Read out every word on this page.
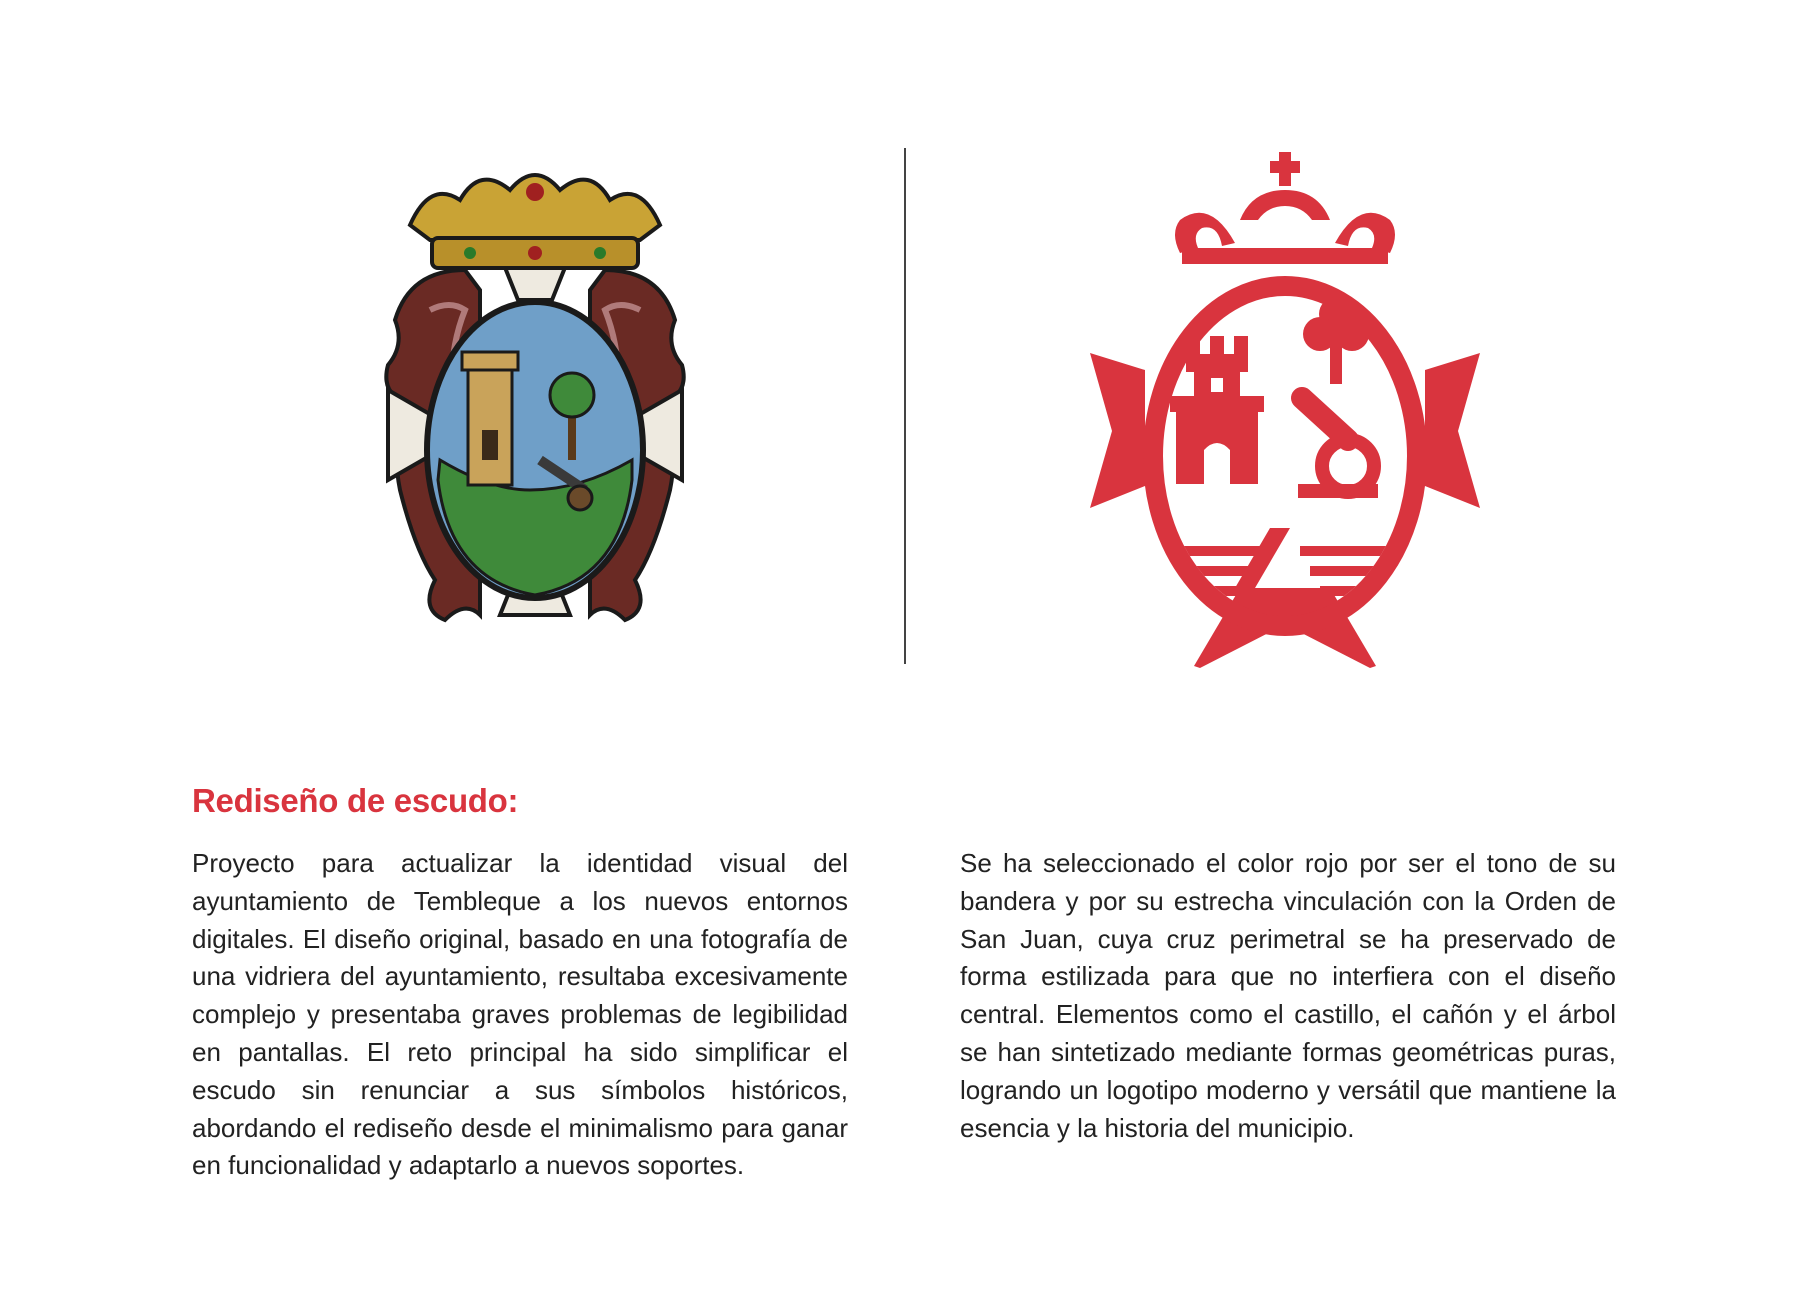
Rediseño de escudo:

Proyecto para actualizar la identidad visual del ayuntamiento de Tembleque a los nuevos entornos digitales. El diseño original, basado en una fotografía de una vidriera del ayuntamiento, resultaba excesivamente complejo y presentaba graves problemas de legibilidad en pantallas. El reto principal ha sido simplificar el escudo sin renunciar a sus símbolos históricos, abordando el rediseño desde el minimalismo para ganar en funcionalidad y adaptarlo a nuevos soportes.

Se ha seleccionado el color rojo por ser el tono de su bandera y por su estrecha vinculación con la Orden de San Juan, cuya cruz perimetral se ha preservado de forma estilizada para que no interfiera con el diseño central. Elementos como el castillo, el cañón y el árbol se han sintetizado mediante formas geométricas puras, logrando un logotipo moderno y versátil que mantiene la esencia y la historia del municipio.
